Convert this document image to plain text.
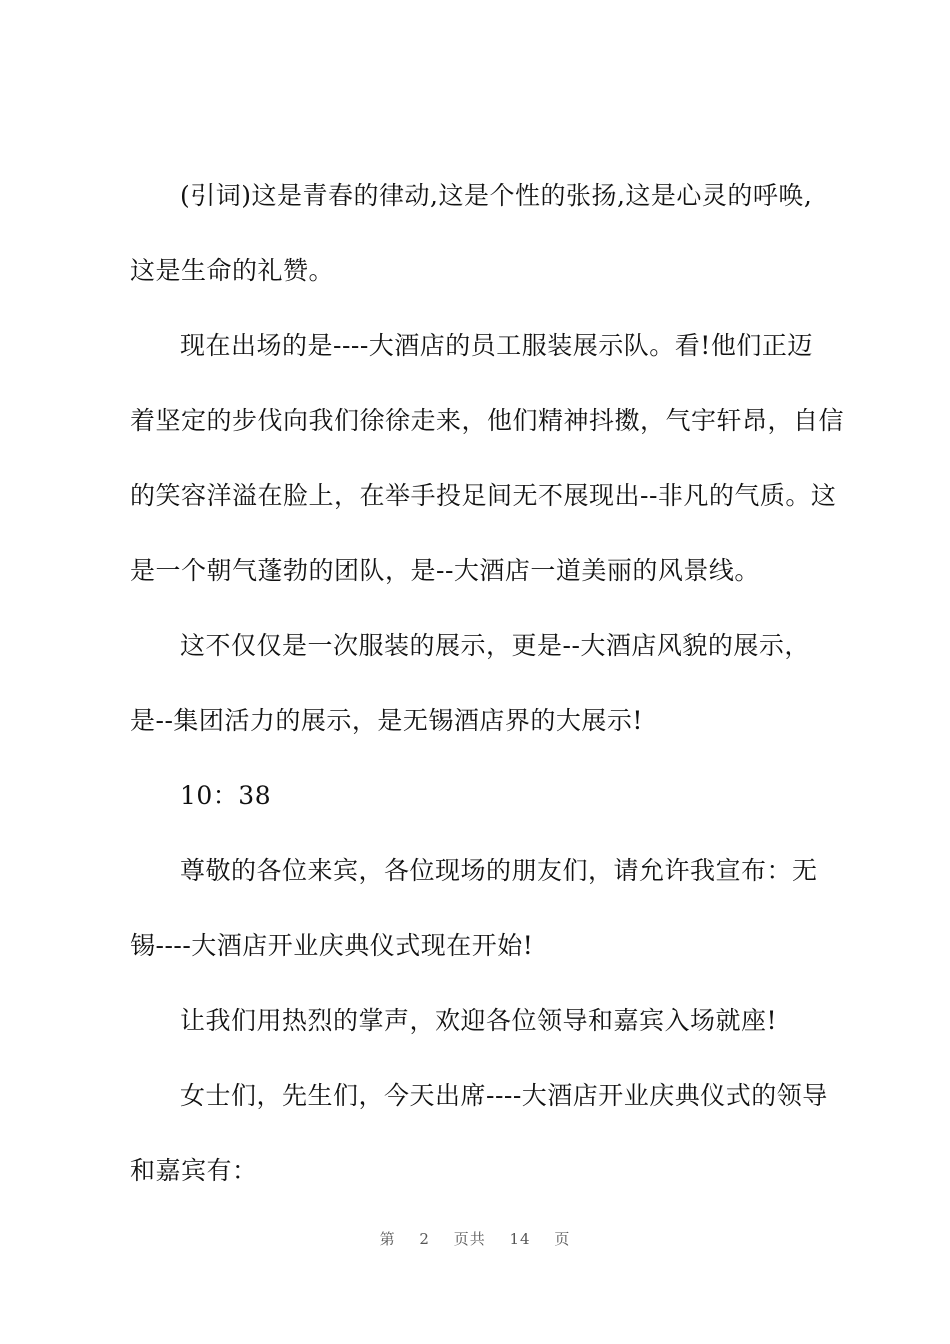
(引词)这是青春的律动,这是个性的张扬,这是心灵的呼唤,
这是生命的礼赞。
现在出场的是----大酒店的员工服装展示队。看!他们正迈
着坚定的步伐向我们徐徐走来，他们精神抖擞，气宇轩昂，自信
的笑容洋溢在脸上，在举手投足间无不展现出--非凡的气质。这
是一个朝气蓬勃的团队，是--大酒店一道美丽的风景线。
这不仅仅是一次服装的展示，更是--大酒店风貌的展示，
是--集团活力的展示，是无锡酒店界的大展示!
10：38
尊敬的各位来宾，各位现场的朋友们，请允许我宣布：无
锡----大酒店开业庆典仪式现在开始!
让我们用热烈的掌声，欢迎各位领导和嘉宾入场就座!
女士们，先生们，今天出席----大酒店开业庆典仪式的领导
和嘉宾有：
第 2 页共 14 页
